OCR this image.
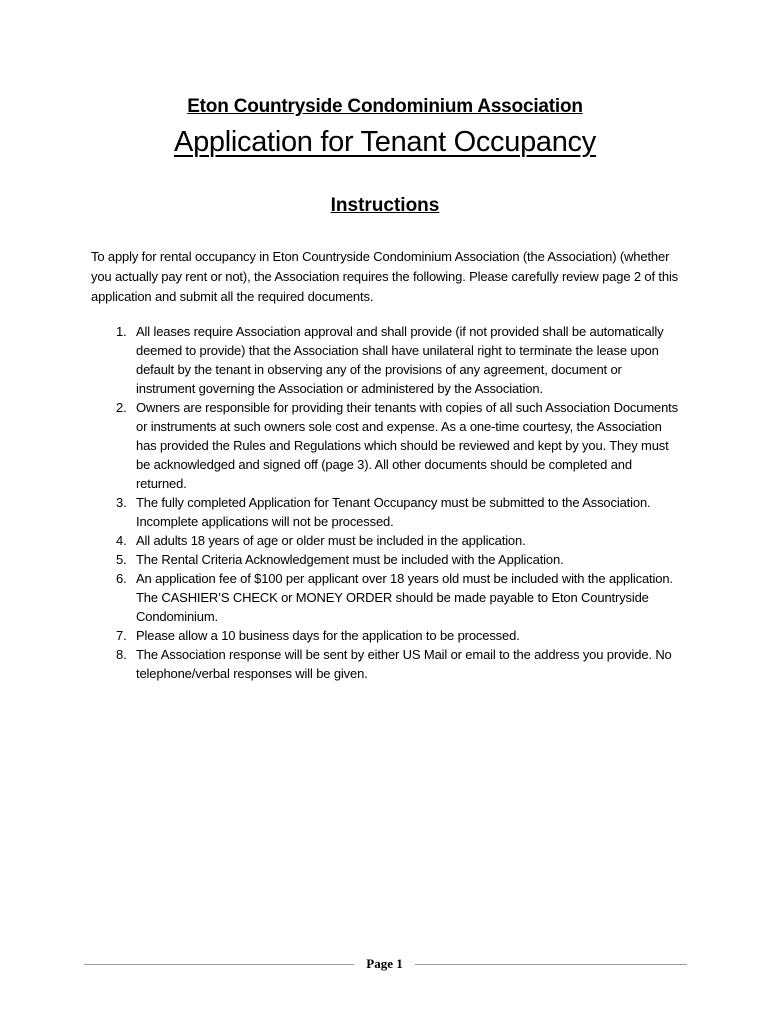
Eton Countryside Condominium Association
Application for Tenant Occupancy
Instructions
To apply for rental occupancy in Eton Countryside Condominium Association (the Association) (whether you actually pay rent or not), the Association requires the following. Please carefully review page 2 of this application and submit all the required documents.
1. All leases require Association approval and shall provide (if not provided shall be automatically deemed to provide) that the Association shall have unilateral right to terminate the lease upon default by the tenant in observing any of the provisions of any agreement, document or instrument governing the Association or administered by the Association.
2. Owners are responsible for providing their tenants with copies of all such Association Documents or instruments at such owners sole cost and expense. As a one-time courtesy, the Association has provided the Rules and Regulations which should be reviewed and kept by you. They must be acknowledged and signed off (page 3). All other documents should be completed and returned.
3. The fully completed Application for Tenant Occupancy must be submitted to the Association. Incomplete applications will not be processed.
4. All adults 18 years of age or older must be included in the application.
5. The Rental Criteria Acknowledgement must be included with the Application.
6. An application fee of $100 per applicant over 18 years old must be included with the application. The CASHIER’S CHECK or MONEY ORDER should be made payable to Eton Countryside Condominium.
7. Please allow a 10 business days for the application to be processed.
8. The Association response will be sent by either US Mail or email to the address you provide. No telephone/verbal responses will be given.
Page 1
